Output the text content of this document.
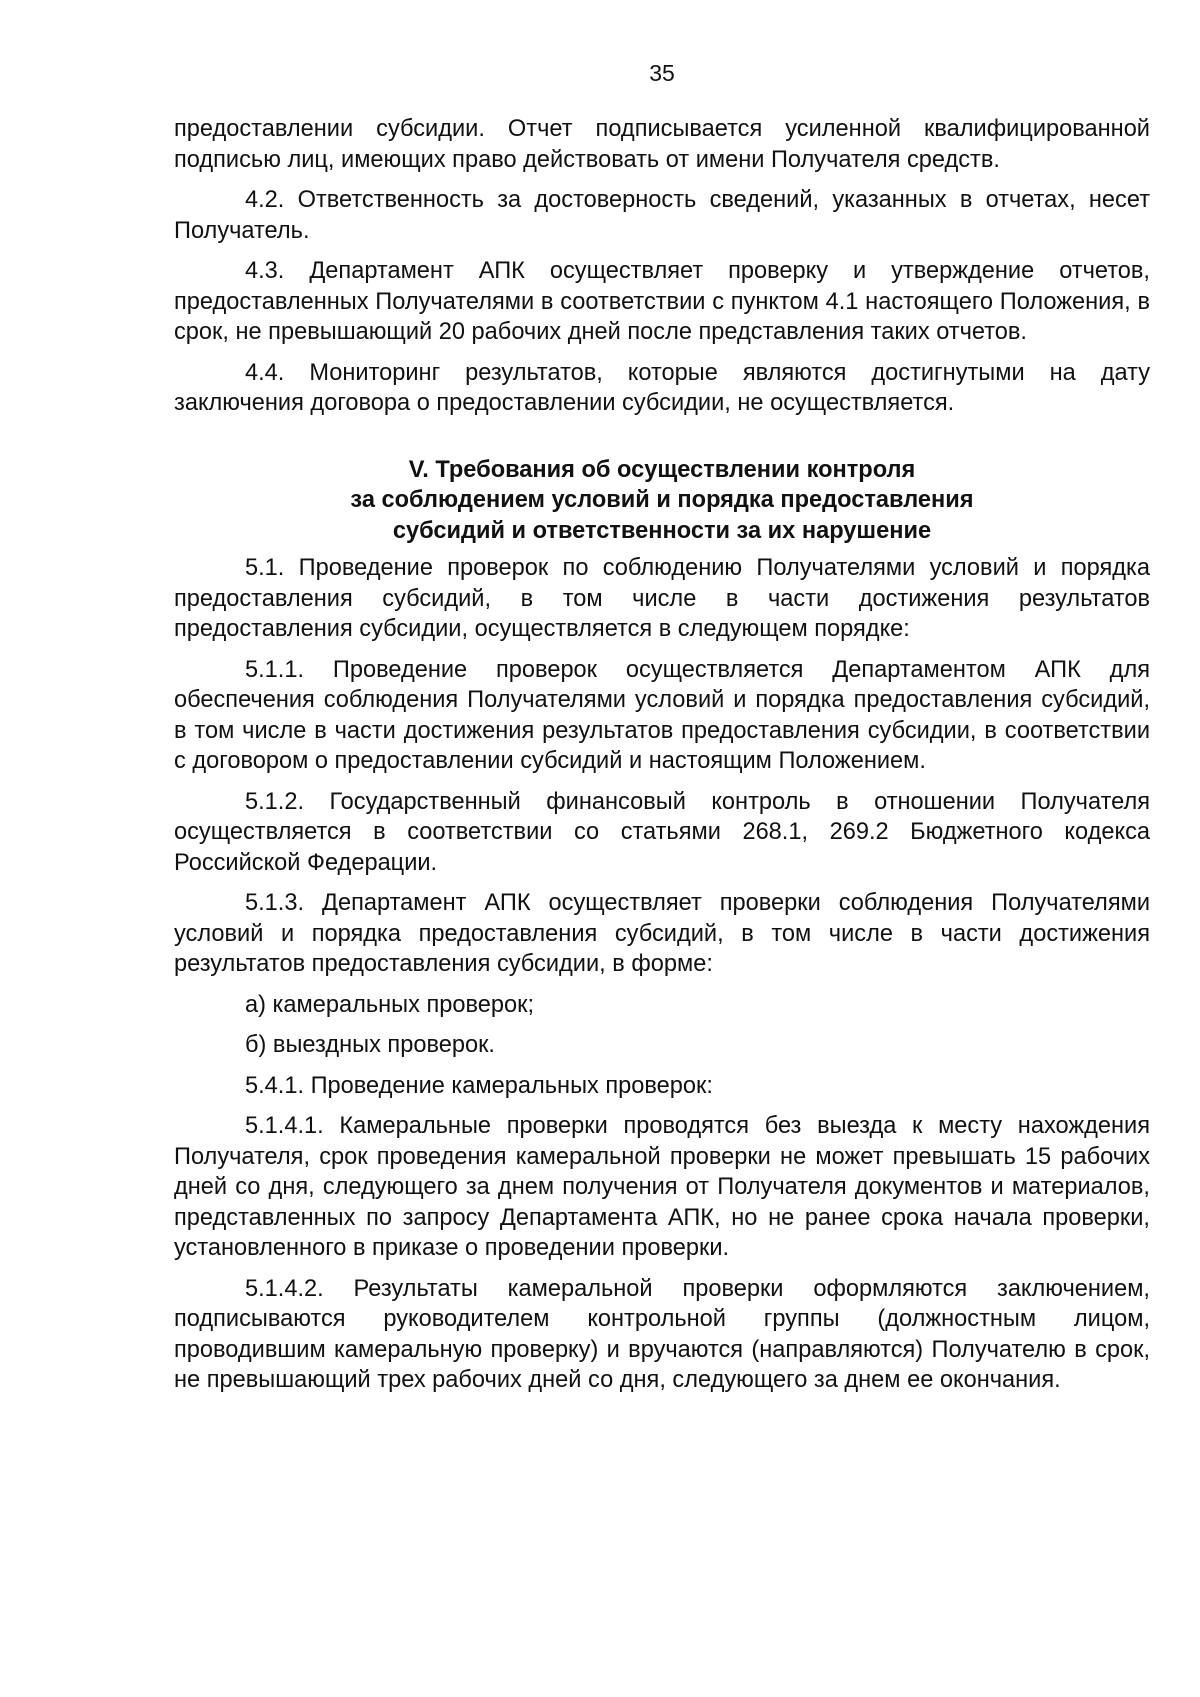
35

предоставлении субсидии. Отчет подписывается усиленной квалифицированной подписью лиц, имеющих право действовать от имени Получателя средств.

4.2. Ответственность за достоверность сведений, указанных в отчетах, несет Получатель.

4.3. Департамент АПК осуществляет проверку и утверждение отчетов, предоставленных Получателями в соответствии с пунктом 4.1 настоящего Положения, в срок, не превышающий 20 рабочих дней после представления таких отчетов.

4.4. Мониторинг результатов, которые являются достигнутыми на дату заключения договора о предоставлении субсидии, не осуществляется.

V. Требования об осуществлении контроля
за соблюдением условий и порядка предоставления
субсидий и ответственности за их нарушение

5.1. Проведение проверок по соблюдению Получателями условий и порядка предоставления субсидий, в том числе в части достижения результатов предоставления субсидии, осуществляется в следующем порядке:

5.1.1. Проведение проверок осуществляется Департаментом АПК для обеспечения соблюдения Получателями условий и порядка предоставления субсидий, в том числе в части достижения результатов предоставления субсидии, в соответствии с договором о предоставлении субсидий и настоящим Положением.

5.1.2. Государственный финансовый контроль в отношении Получателя осуществляется в соответствии со статьями 268.1, 269.2 Бюджетного кодекса Российской Федерации.

5.1.3. Департамент АПК осуществляет проверки соблюдения Получателями условий и порядка предоставления субсидий, в том числе в части достижения результатов предоставления субсидии, в форме:

а) камеральных проверок;

б) выездных проверок.

5.4.1. Проведение камеральных проверок:

5.1.4.1. Камеральные проверки проводятся без выезда к месту нахождения Получателя, срок проведения камеральной проверки не может превышать 15 рабочих дней со дня, следующего за днем получения от Получателя документов и материалов, представленных по запросу Департамента АПК, но не ранее срока начала проверки, установленного в приказе о проведении проверки.

5.1.4.2. Результаты камеральной проверки оформляются заключением, подписываются руководителем контрольной группы (должностным лицом, проводившим камеральную проверку) и вручаются (направляются) Получателю в срок, не превышающий трех рабочих дней со дня, следующего за днем ее окончания.
